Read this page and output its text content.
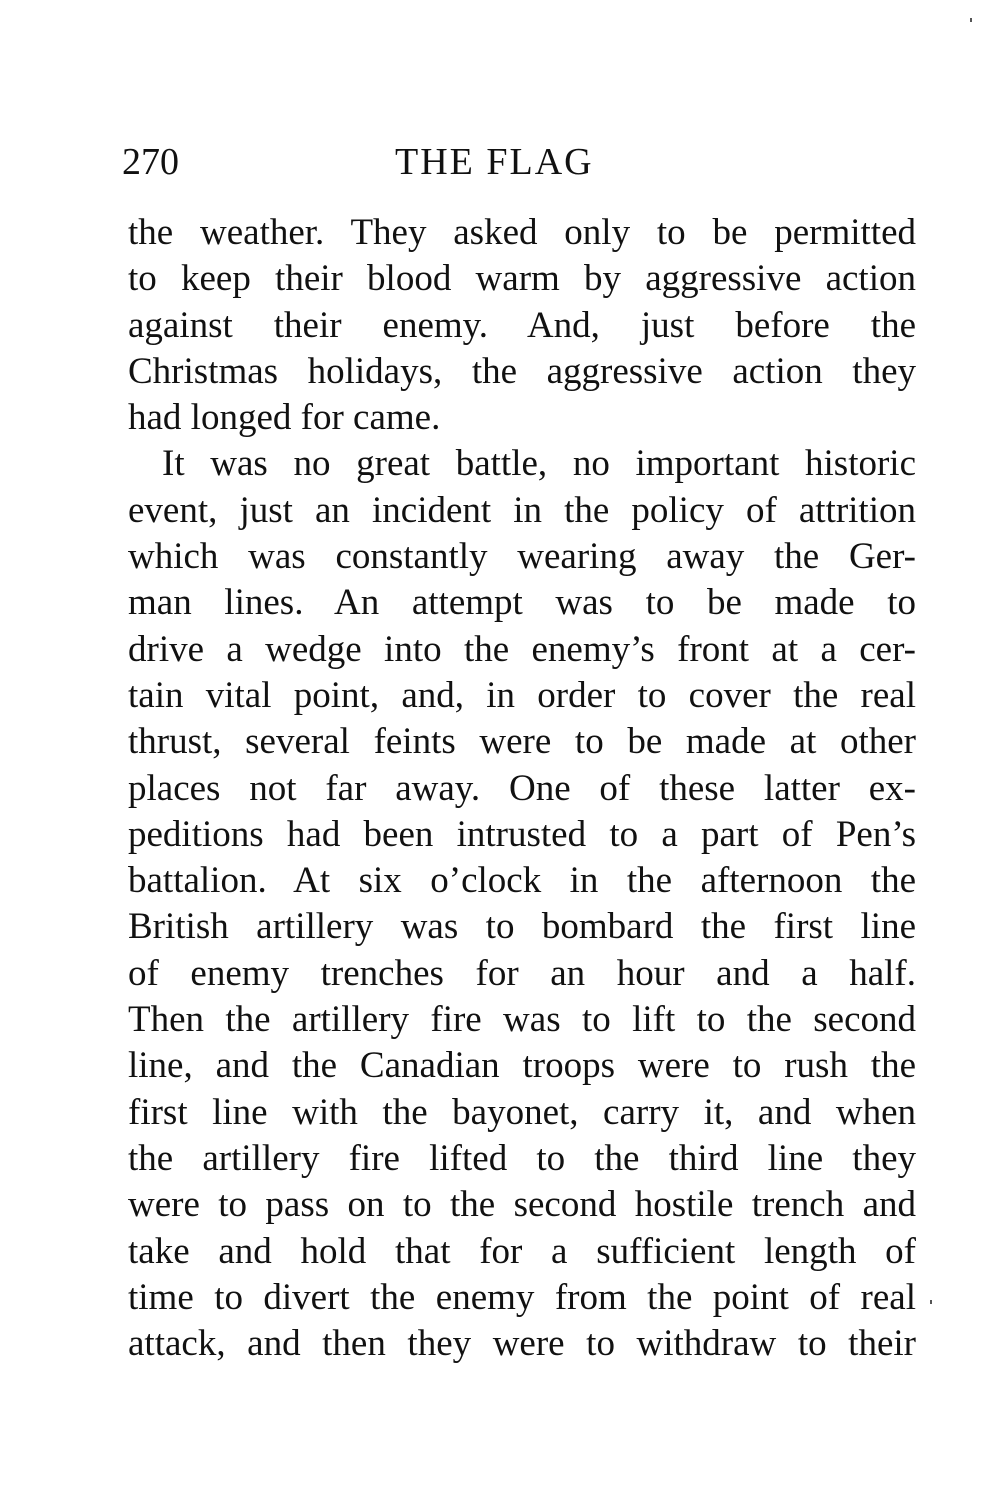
270	THE FLAG
the weather. They asked only to be permitted
to keep their blood warm by aggressive action
against their enemy. And, just before the
Christmas holidays, the aggressive action they
had longed for came.
It was no great battle, no important historic
event, just an incident in the policy of attrition
which was constantly wearing away the Ger-
man lines. An attempt was to be made to
drive a wedge into the enemy’s front at a cer-
tain vital point, and, in order to cover the real
thrust, several feints were to be made at other
places not far away. One of these latter ex-
peditions had been intrusted to a part of Pen’s
battalion. At six o’clock in the afternoon the
British artillery was to bombard the first line
of enemy trenches for an hour and a half.
Then the artillery fire was to lift to the second
line, and the Canadian troops were to rush the
first line with the bayonet, carry it, and when
the artillery fire lifted to the third line they
were to pass on to the second hostile trench and
take and hold that for a sufficient length of
time to divert the enemy from the point of real
attack, and then they were to withdraw to their
